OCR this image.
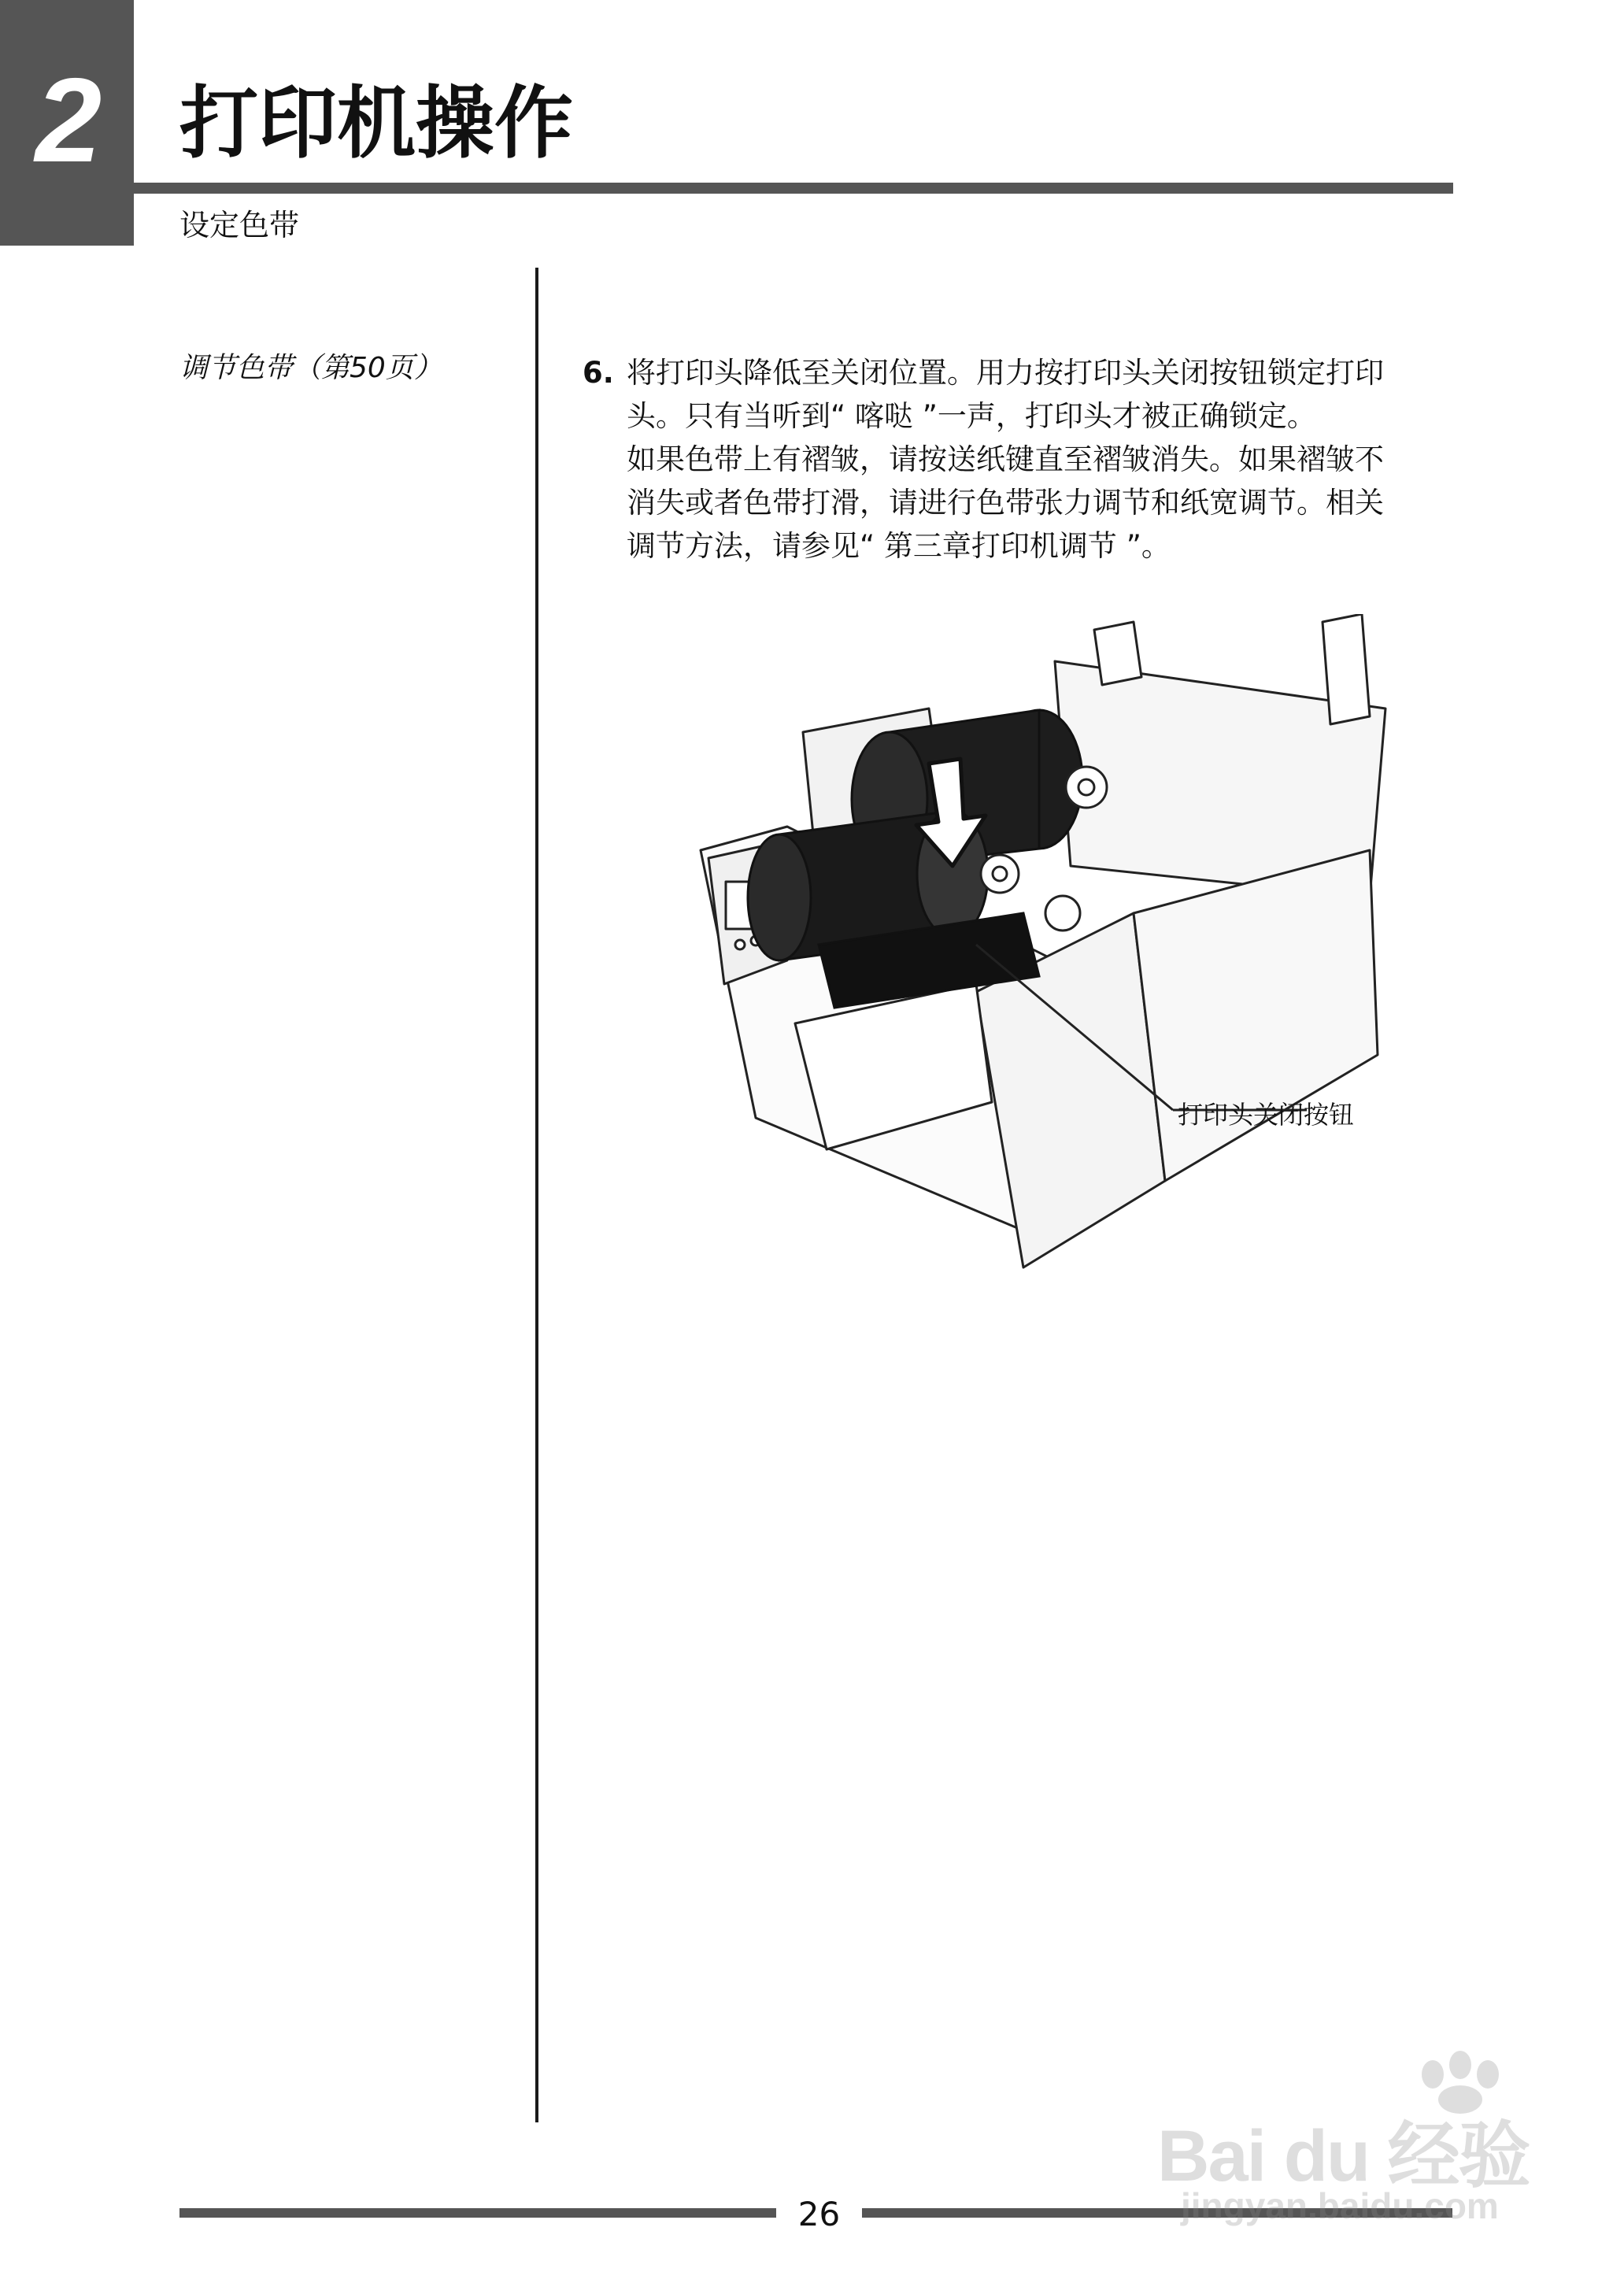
2 打印机操作
设定色带
调节色带（第50页）	6. 将打印头降低至关闭位置。用力按打印头关闭按钮锁定打印

头。只有当听到“ 喀哒 ”一声，打印头才被正确锁定。

如果色带上有褶皱，请按送纸键直至褶皱消失。如果褶皱不

消失或者色带打滑，请进行色带张力调节和纸宽调节。相关

调节方法，请参见“ 第三章打印机调节 ”。

打印头关闭按钮
26
Bai du 经验
jingyan.baidu.com
